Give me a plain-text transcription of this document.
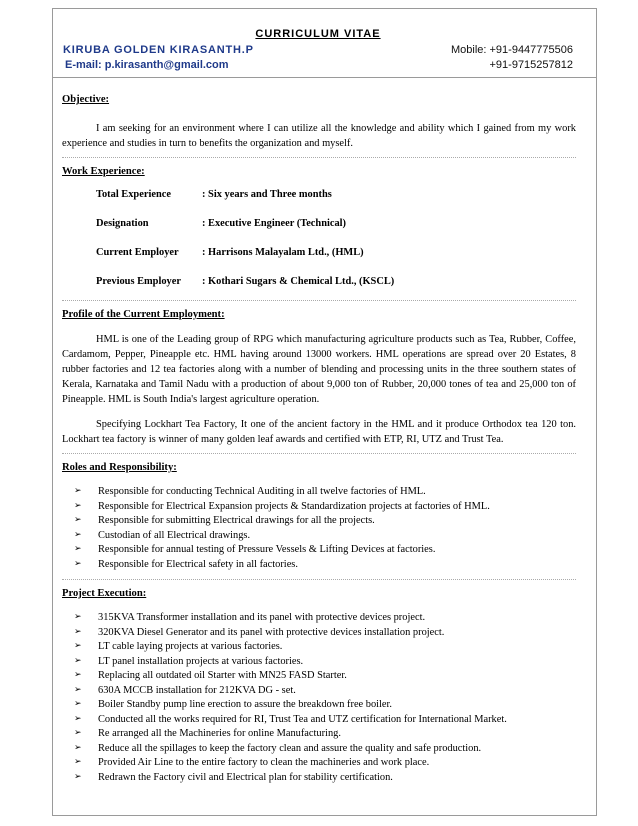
CURRICULUM VITAE
KIRUBA GOLDEN KIRASANTH.P	Mobile: +91-9447775506
E-mail: p.kirasanth@gmail.com	+91-9715257812
Objective:

I am seeking for an environment where I can utilize all the knowledge and ability which I gained from my work experience and studies in turn to benefits the organization and myself.

Work Experience:
Total Experience	: Six years and Three months
Designation	: Executive Engineer (Technical)
Current Employer	: Harrisons Malayalam Ltd., (HML)
Previous Employer	: Kothari Sugars & Chemical Ltd., (KSCL)
Profile of the Current Employment:

HML is one of the Leading group of RPG which manufacturing agriculture products such as Tea, Rubber, Coffee, Cardamom, Pepper, Pineapple etc. HML having around 13000 workers. HML operations are spread over 20 Estates, 8 rubber factories and 12 tea factories along with a number of blending and processing units in the three southern states of Kerala, Karnataka and Tamil Nadu with a production of about 9,000 ton of Rubber, 20,000 tones of tea and 25,000 ton of Pineapple. HML is South India's largest agriculture operation.

Specifying Lockhart Tea Factory, It one of the ancient factory in the HML and it produce Orthodox tea 120 ton. Lockhart tea factory is winner of many golden leaf awards and certified with ETP, RI, UTZ and Trust Tea.

Roles and Responsibility:
➢	Responsible for conducting Technical Auditing in all twelve factories of HML.
➢	Responsible for Electrical Expansion projects & Standardization projects at factories of HML.
➢	Responsible for submitting Electrical drawings for all the projects.
➢	Custodian of all Electrical drawings.
➢	Responsible for annual testing of Pressure Vessels & Lifting Devices at factories.
➢	Responsible for Electrical safety in all factories.
Project Execution:
➢	315KVA Transformer installation and its panel with protective devices project.
➢	320KVA Diesel Generator and its panel with protective devices installation project.
➢	LT cable laying projects at various factories.
➢	LT panel installation projects at various factories.
➢	Replacing all outdated oil Starter with MN25 FASD Starter.
➢	630A MCCB installation for 212KVA DG - set.
➢	Boiler Standby pump line erection to assure the breakdown free boiler.
➢	Conducted all the works required for RI, Trust Tea and UTZ certification for International Market.
➢	Re arranged all the Machineries for online Manufacturing.
➢	Reduce all the spillages to keep the factory clean and assure the quality and safe production.
➢	Provided Air Line to the entire factory to clean the machineries and work place.
➢	Redrawn the Factory civil and Electrical plan for stability certification.
